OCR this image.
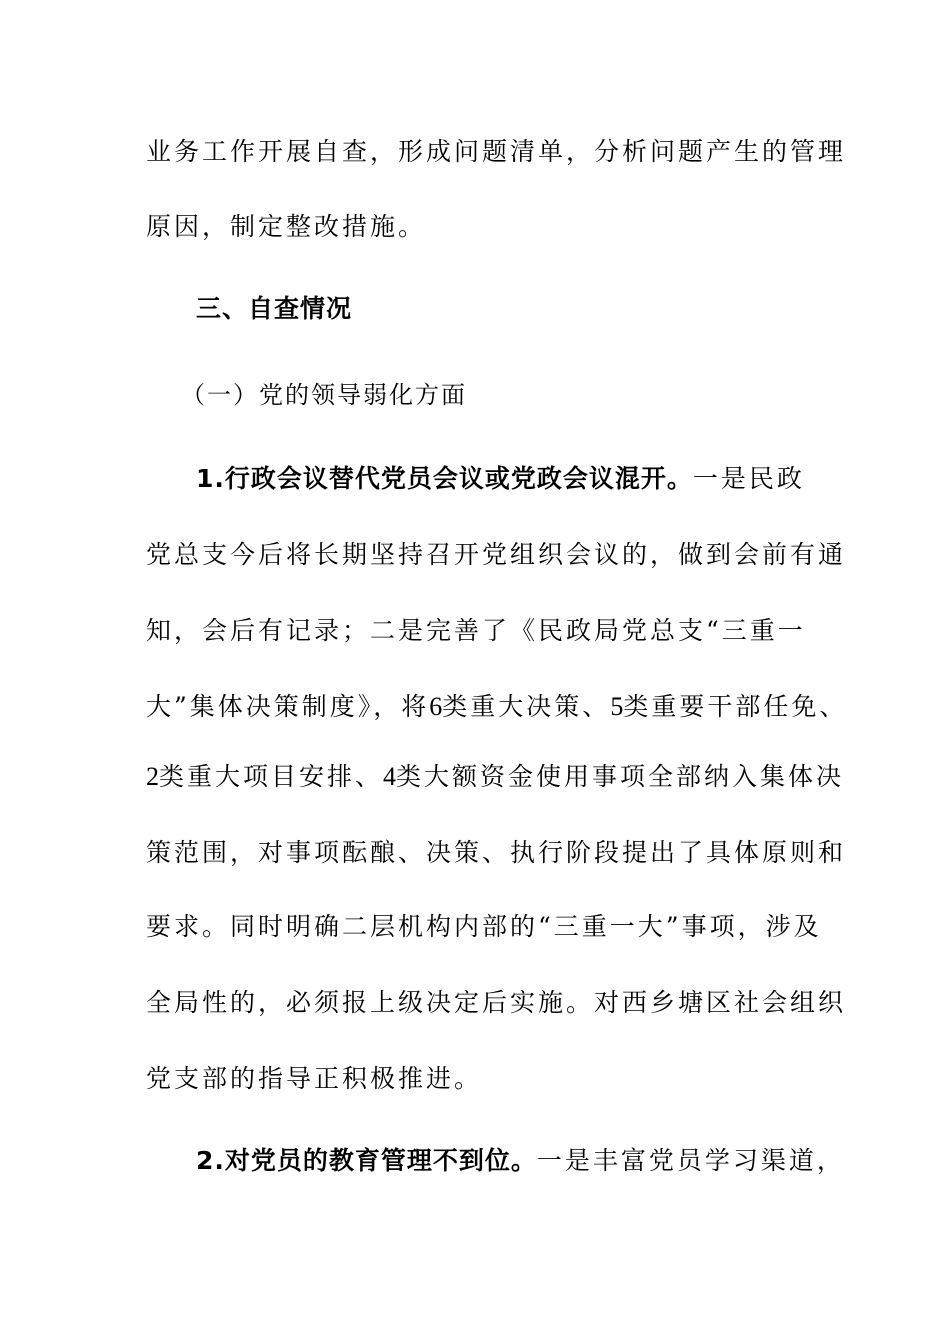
业务工作开展自查，形成问题清单，分析问题产生的管理

原因，制定整改措施。

三、自查情况

（一）党的领导弱化方面

1.行政会议替代党员会议或党政会议混开。一是民政

党总支今后将长期坚持召开党组织会议的，做到会前有通

知，会后有记录；二是完善了《民政局党总支“三重一

大”集体决策制度》，将6类重大决策、5类重要干部任免、

2类重大项目安排、4类大额资金使用事项全部纳入集体决

策范围，对事项酝酿、决策、执行阶段提出了具体原则和

要求。同时明确二层机构内部的“三重一大”事项，涉及

全局性的，必须报上级决定后实施。对西乡塘区社会组织

党支部的指导正积极推进。

2.对党员的教育管理不到位。一是丰富党员学习渠道，
